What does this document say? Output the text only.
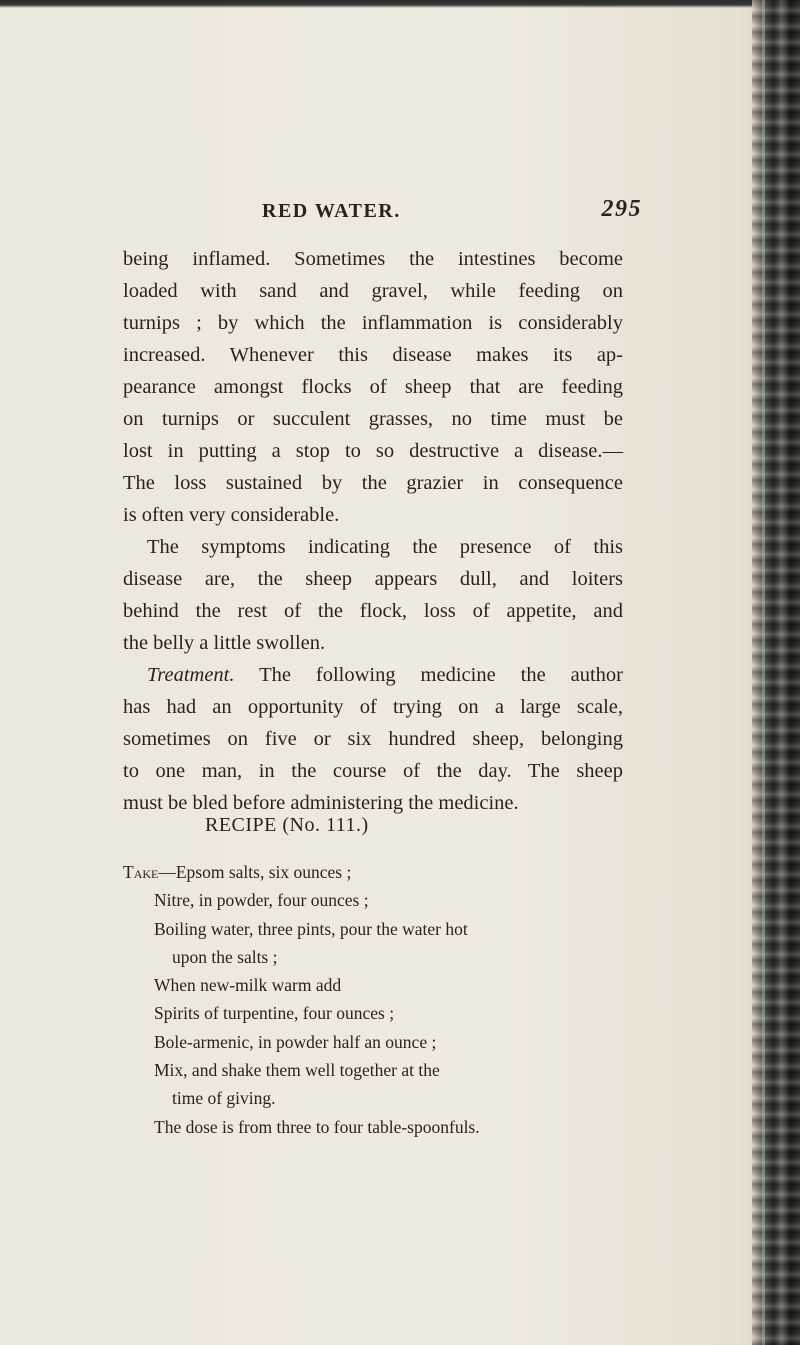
RED WATER.	295
being inflamed. Sometimes the intestines become
loaded with sand and gravel, while feeding on
turnips ; by which the inflammation is considerably
increased. Whenever this disease makes its ap-
pearance amongst flocks of sheep that are feeding
on turnips or succulent grasses, no time must be
lost in putting a stop to so destructive a disease.—
The loss sustained by the grazier in consequence
is often very considerable.
The symptoms indicating the presence of this
disease are, the sheep appears dull, and loiters
behind the rest of the flock, loss of appetite, and
the belly a little swollen.
Treatment. The following medicine the author
has had an opportunity of trying on a large scale,
sometimes on five or six hundred sheep, belonging
to one man, in the course of the day. The sheep
must be bled before administering the medicine.
RECIPE (No. 111.)
Take—Epsom salts, six ounces ;
Nitre, in powder, four ounces ;
Boiling water, three pints, pour the water hot
upon the salts ;
When new-milk warm add
Spirits of turpentine, four ounces ;
Bole-armenic, in powder half an ounce ;
Mix, and shake them well together at the
time of giving.
The dose is from three to four table-spoonfuls.
